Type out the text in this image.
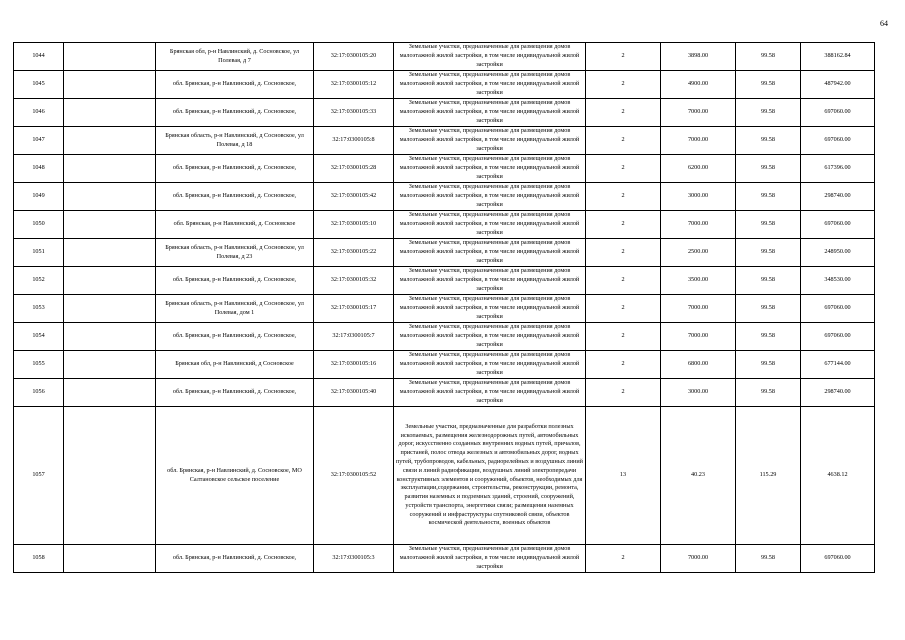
64
1044		Брянская обл, р-н Навлинский, д. Сосновское, ул Полевая, д 7	32:17:0300105:20	Земельные участки, предназначенные для размещения домов малоэтажной жилой застройки, в том числе индивидуальной жилой застройки	2	3898.00	99.58	388162.84
1045		обл. Брянская, р-н Навлинский, д. Сосновское,	32:17:0300105:12	Земельные участки, предназначенные для размещения домов малоэтажной жилой застройки, в том числе индивидуальной жилой застройки	2	4900.00	99.58	487942.00
1046		обл. Брянская, р-н Навлинский, д. Сосновское,	32:17:0300105:33	Земельные участки, предназначенные для размещения домов малоэтажной жилой застройки, в том числе индивидуальной жилой застройки	2	7000.00	99.58	697060.00
1047		Брянская область, р-н Навлинский, д Сосновское, ул Полевая, д 18	32:17:0300105:8	Земельные участки, предназначенные для размещения домов малоэтажной жилой застройки, в том числе индивидуальной жилой застройки	2	7000.00	99.58	697060.00
1048		обл. Брянская, р-н Навлинский, д. Сосновское,	32:17:0300105:28	Земельные участки, предназначенные для размещения домов малоэтажной жилой застройки, в том числе индивидуальной жилой застройки	2	6200.00	99.58	617396.00
1049		обл. Брянская, р-н Навлинский, д. Сосновское,	32:17:0300105:42	Земельные участки, предназначенные для размещения домов малоэтажной жилой застройки, в том числе индивидуальной жилой застройки	2	3000.00	99.58	298740.00
1050		обл. Брянская, р-н Навлинский, д. Сосновское	32:17:0300105:10	Земельные участки, предназначенные для размещения домов малоэтажной жилой застройки, в том числе индивидуальной жилой застройки	2	7000.00	99.58	697060.00
1051		Брянская область, р-н Навлинский, д Сосновское, ул Полевая, д 23	32:17:0300105:22	Земельные участки, предназначенные для размещения домов малоэтажной жилой застройки, в том числе индивидуальной жилой застройки	2	2500.00	99.58	248950.00
1052		обл. Брянская, р-н Навлинский, д. Сосновское,	32:17:0300105:32	Земельные участки, предназначенные для размещения домов малоэтажной жилой застройки, в том числе индивидуальной жилой застройки	2	3500.00	99.58	348530.00
1053		Брянская область, р-н Навлинский, д Сосновское, ул Полевая, дом 1	32:17:0300105:17	Земельные участки, предназначенные для размещения домов малоэтажной жилой застройки, в том числе индивидуальной жилой застройки	2	7000.00	99.58	697060.00
1054		обл. Брянская, р-н Навлинский, д. Сосновское,	32:17:0300105:7	Земельные участки, предназначенные для размещения домов малоэтажной жилой застройки, в том числе индивидуальной жилой застройки	2	7000.00	99.58	697060.00
1055		Брянская обл, р-н Навлинский, д Сосновское	32:17:0300105:16	Земельные участки, предназначенные для размещения домов малоэтажной жилой застройки, в том числе индивидуальной жилой застройки	2	6800.00	99.58	677144.00
1056		обл. Брянская, р-н Навлинский, д. Сосновское,	32:17:0300105:40	Земельные участки, предназначенные для размещения домов малоэтажной жилой застройки, в том числе индивидуальной жилой застройки	2	3000.00	99.58	298740.00
1057		обл. Брянская, р-н Навлинский, д. Сосновское, МО Салтановское сельское поселение	32:17:0300105:52	Земельные участки, предназначенные для разработки полезных ископаемых, размещения железнодорожных путей, автомобильных дорог, искусственно созданных внутренних водных путей, причалов, пристаней, полос отвода железных и автомобильных дорог, водных путей, трубопроводов, кабельных, радиорелейных и воздушных линий связи и линий радиофикации, воздушных линий электропередачи конструктивных элементов и сооружений, объектов, необходимых для эксплуатации,содержания, строительства, реконструкции, ремонта, развития наземных и подземных зданий, строений, сооружений, устройств транспорта, энергетики связи; размещения наземных сооружений и инфраструктуры спутниковой связи, объектов космической деятельности, военных объектов	13	40.23	115.29	4638.12
1058		обл. Брянская, р-н Навлинский, д. Сосновское,	32:17:0300105:3	Земельные участки, предназначенные для размещения домов малоэтажной жилой застройки, в том числе индивидуальной жилой застройки	2	7000.00	99.58	697060.00
